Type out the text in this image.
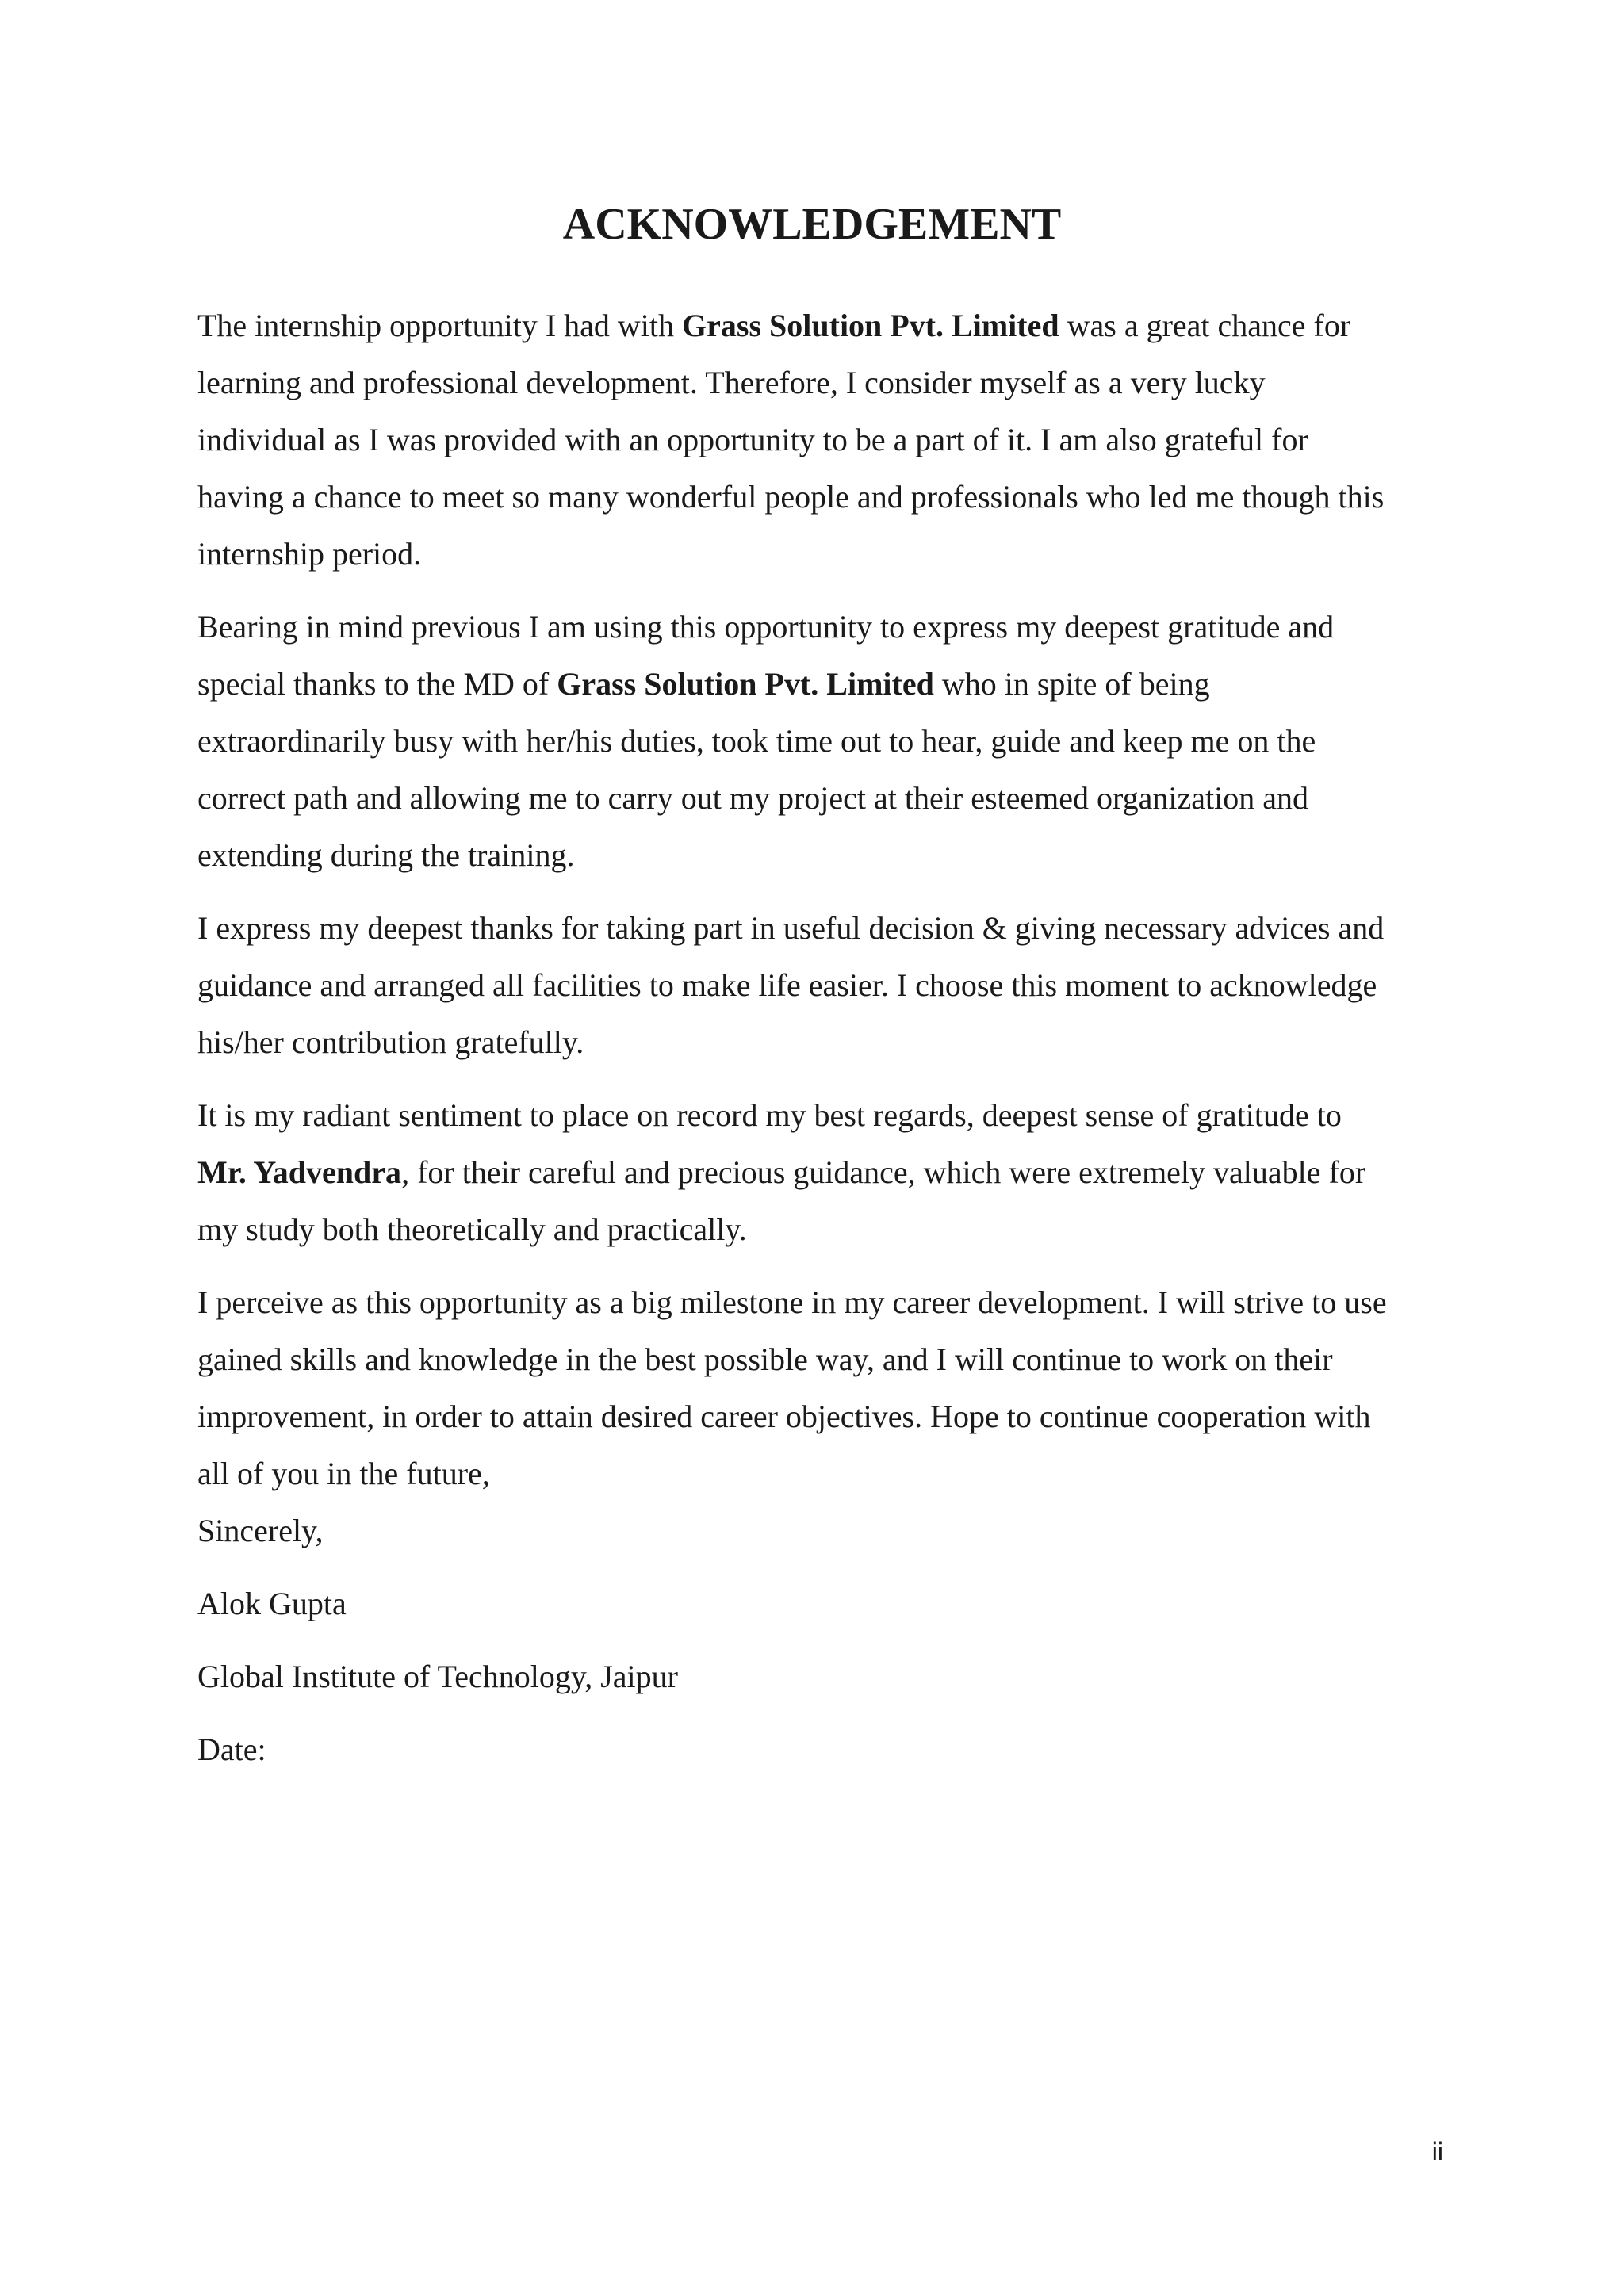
ACKNOWLEDGEMENT

The internship opportunity I had with Grass Solution Pvt. Limited was a great chance for
learning and professional development. Therefore, I consider myself as a very lucky
individual as I was provided with an opportunity to be a part of it. I am also grateful for
having a chance to meet so many wonderful people and professionals who led me though this
internship period.

Bearing in mind previous I am using this opportunity to express my deepest gratitude and
special thanks to the MD of Grass Solution Pvt. Limited who in spite of being
extraordinarily busy with her/his duties, took time out to hear, guide and keep me on the
correct path and allowing me to carry out my project at their esteemed organization and
extending during the training.

I express my deepest thanks for taking part in useful decision & giving necessary advices and
guidance and arranged all facilities to make life easier. I choose this moment to acknowledge
his/her contribution gratefully.

It is my radiant sentiment to place on record my best regards, deepest sense of gratitude to
Mr. Yadvendra, for their careful and precious guidance, which were extremely valuable for
my study both theoretically and practically.

I perceive as this opportunity as a big milestone in my career development. I will strive to use
gained skills and knowledge in the best possible way, and I will continue to work on their
improvement, in order to attain desired career objectives. Hope to continue cooperation with
all of you in the future,

Sincerely,
Alok Gupta
Global Institute of Technology, Jaipur
Date:
ii
